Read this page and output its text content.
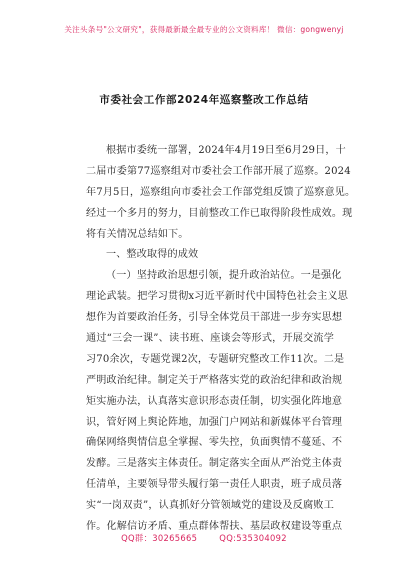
关注头条号"公文研究"，获得最新最全最专业的公文资料库！ 微信：gongwenyj
市委社会工作部2024年巡察整改工作总结
根据市委统一部署，2024年4月19日至6月29日，十
二届市委第77巡察组对市委社会工作部开展了巡察。2024
年7月5日，巡察组向市委社会工作部党组反馈了巡察意见。
经过一个多月的努力，目前整改工作已取得阶段性成效。现
将有关情况总结如下。
一、整改取得的成效
（一）坚持政治思想引领，提升政治站位。一是强化
理论武装。把学习贯彻x习近平新时代中国特色社会主义思
想作为首要政治任务，引导全体党员干部进一步夯实思想
通过“三会一课”、读书班、座谈会等形式，开展交流学
习70余次，专题党课2次，专题研究整改工作11次。二是
严明政治纪律。制定关于严格落实党的政治纪律和政治规
矩实施办法，认真落实意识形态责任制，切实强化阵地意
识，管好网上舆论阵地，加强门户网站和新媒体平台管理
确保网络舆情信息全掌握、零失控，负面舆情不蔓延、不
发酵。三是落实主体责任。制定落实全面从严治党主体责
任清单，主要领导带头履行第一责任人职责，班子成员落
实“一岗双责”，认真抓好分管领域党的建设及反腐败工
作。化解信访矛盾、重点群体帮扶、基层政权建设等重点
QQ群：30265665	QQ:535304092
